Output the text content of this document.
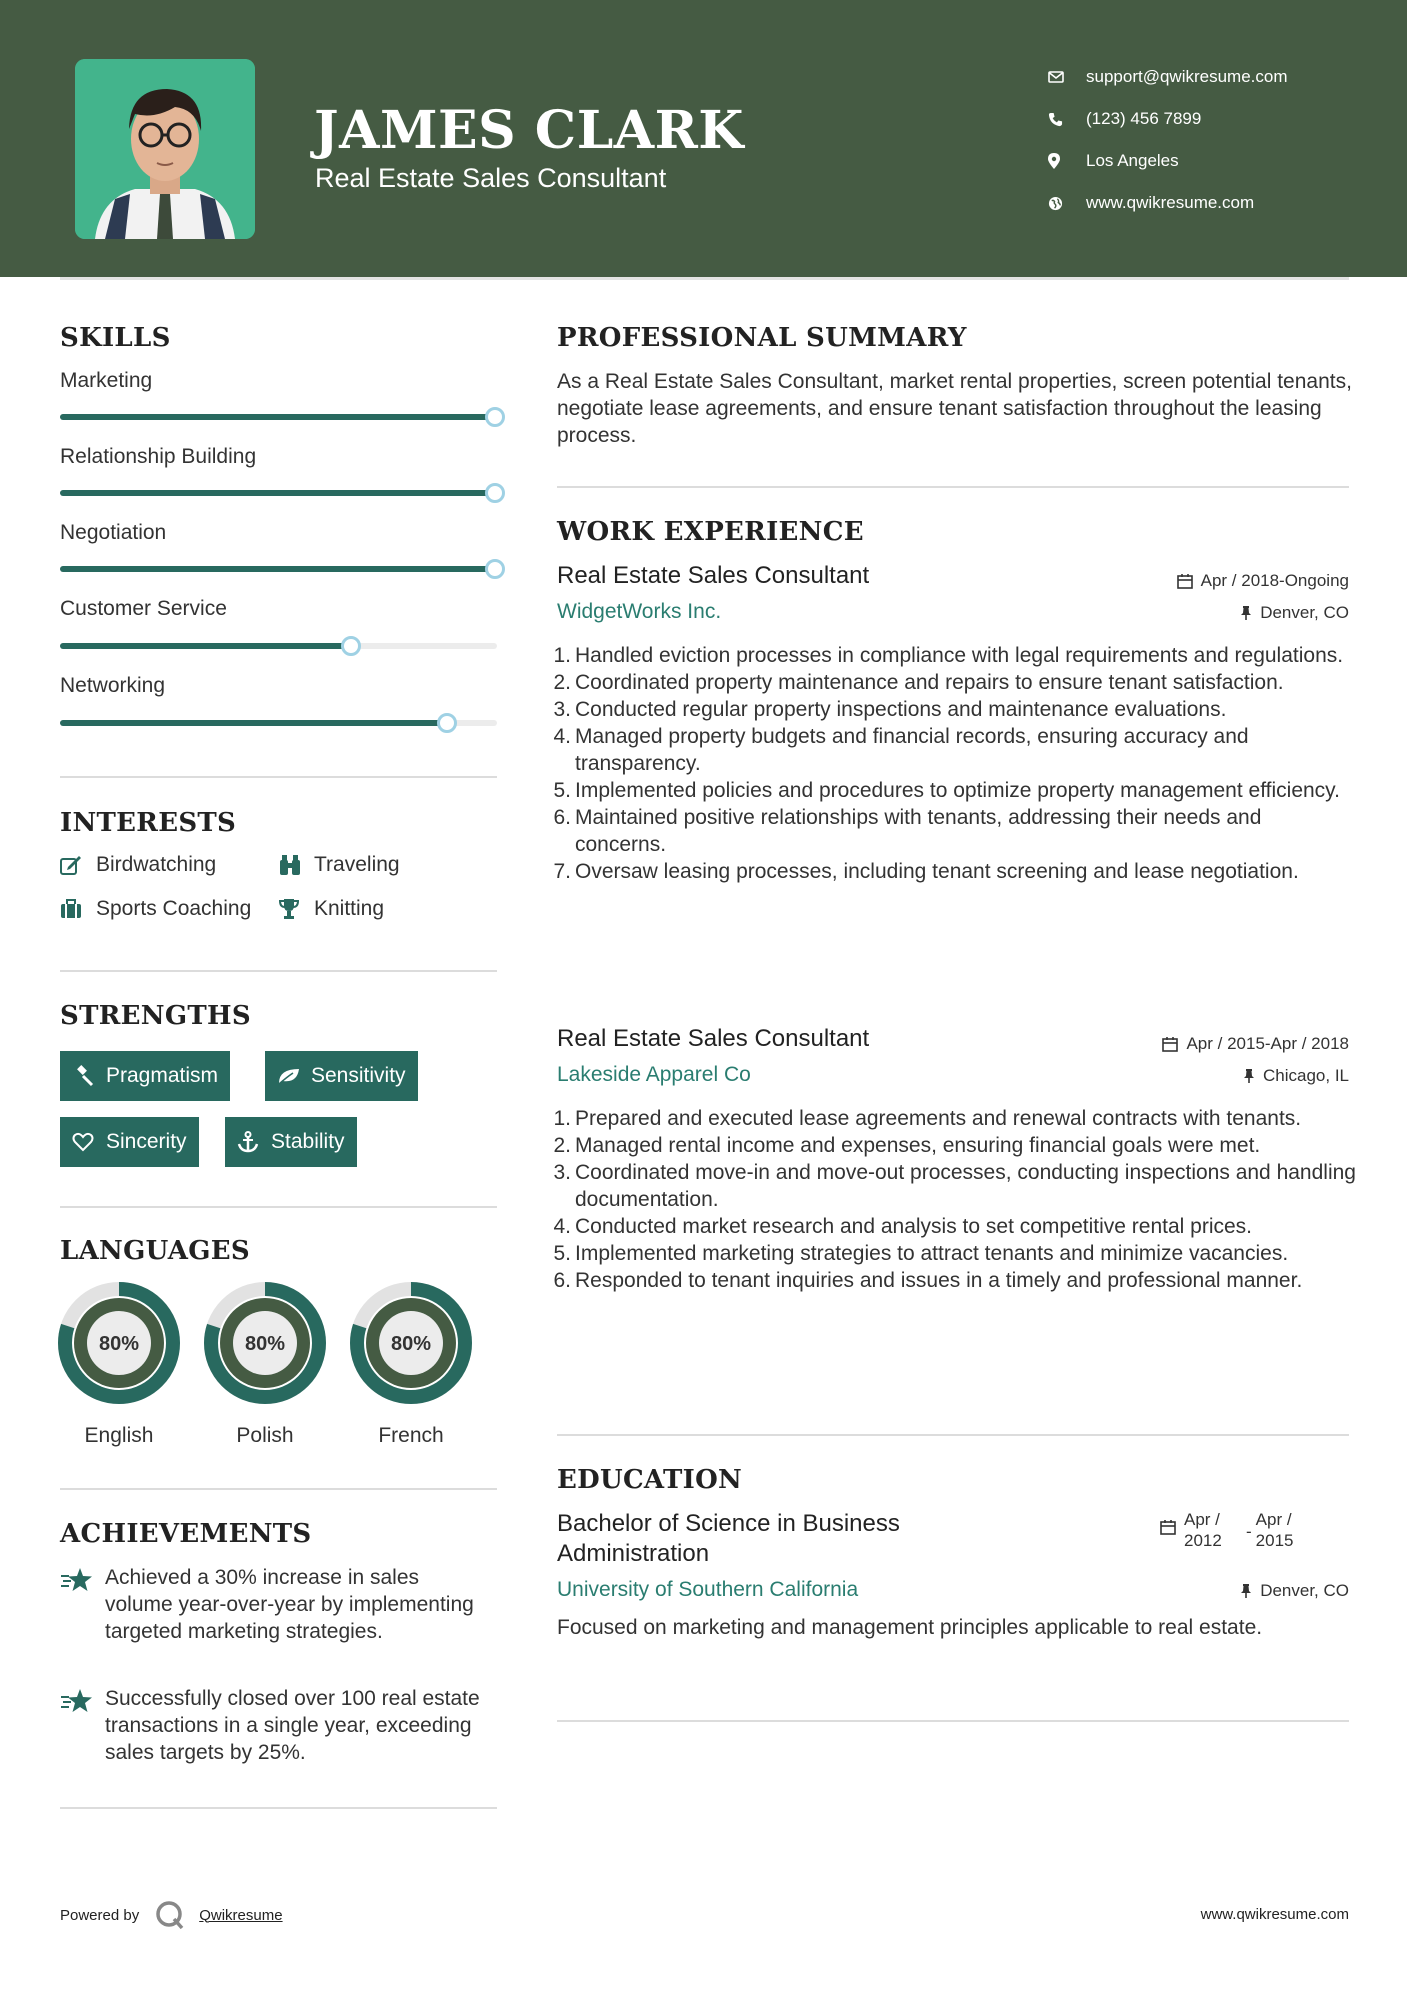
JAMES CLARK
Real Estate Sales Consultant
support@qwikresume.com
(123) 456 7899
Los Angeles
www.qwikresume.com
SKILLS
Marketing
Relationship Building
Negotiation
Customer Service
Networking
INTERESTS
Birdwatching	Traveling
Sports Coaching	Knitting
STRENGTHS
Pragmatism	Sensitivity
Sincerity	Stability
LANGUAGES
80%
English
80%
Polish
80%
French
ACHIEVEMENTS
Achieved a 30% increase in sales volume year-over-year by implementing targeted marketing strategies.
Successfully closed over 100 real estate transactions in a single year, exceeding sales targets by 25%.
PROFESSIONAL SUMMARY
As a Real Estate Sales Consultant, market rental properties, screen potential tenants, negotiate lease agreements, and ensure tenant satisfaction throughout the leasing process.
WORK EXPERIENCE
Real Estate Sales Consultant	Apr / 2018-Ongoing
WidgetWorks Inc.	Denver, CO
1. Handled eviction processes in compliance with legal requirements and regulations.
2. Coordinated property maintenance and repairs to ensure tenant satisfaction.
3. Conducted regular property inspections and maintenance evaluations.
4. Managed property budgets and financial records, ensuring accuracy and transparency.
5. Implemented policies and procedures to optimize property management efficiency.
6. Maintained positive relationships with tenants, addressing their needs and concerns.
7. Oversaw leasing processes, including tenant screening and lease negotiation.
Real Estate Sales Consultant	Apr / 2015-Apr / 2018
Lakeside Apparel Co	Chicago, IL
1. Prepared and executed lease agreements and renewal contracts with tenants.
2. Managed rental income and expenses, ensuring financial goals were met.
3. Coordinated move-in and move-out processes, conducting inspections and handling documentation.
4. Conducted market research and analysis to set competitive rental prices.
5. Implemented marketing strategies to attract tenants and minimize vacancies.
6. Responded to tenant inquiries and issues in a timely and professional manner.
EDUCATION
Bachelor of Science in Business Administration
Apr / 2012	-
Apr / 2015
University of Southern California	Denver, CO
Focused on marketing and management principles applicable to real estate.
Powered by	Qwikresume	www.qwikresume.com
